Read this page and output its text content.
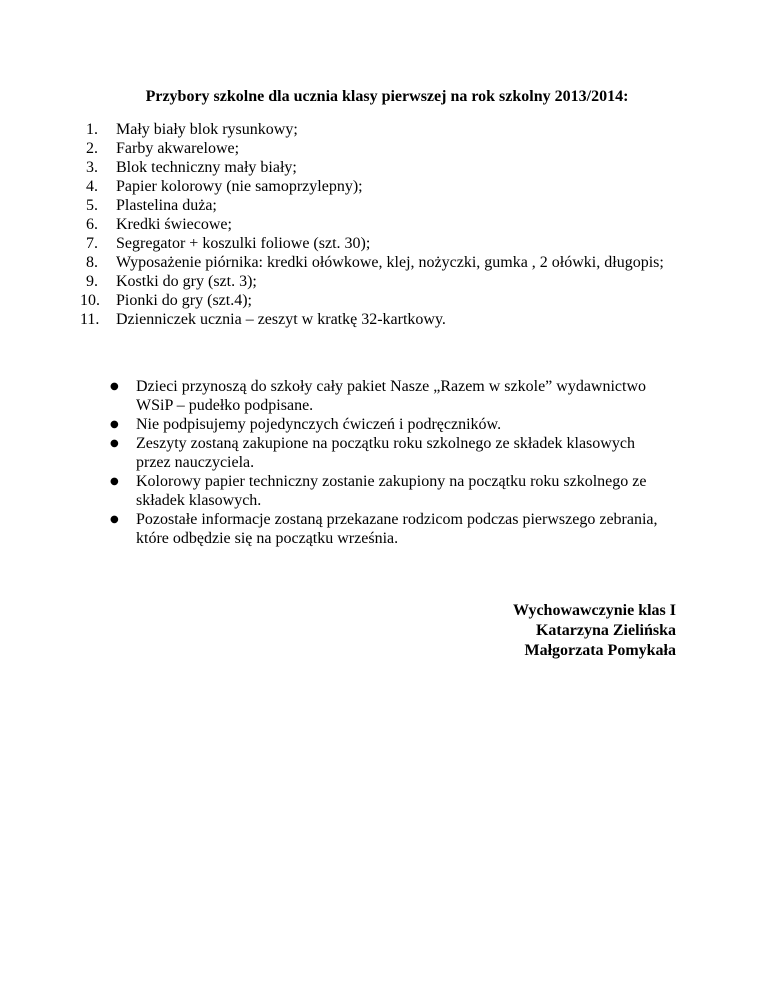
Przybory szkolne dla ucznia klasy pierwszej na rok szkolny 2013/2014:
1.	Mały biały blok rysunkowy;
2.	Farby akwarelowe;
3.	Blok techniczny mały biały;
4.	Papier kolorowy (nie samoprzylepny);
5.	Plastelina duża;
6.	Kredki świecowe;
7.	Segregator + koszulki foliowe (szt. 30);
8.	Wyposażenie piórnika: kredki ołówkowe, klej, nożyczki, gumka , 2 ołówki, długopis;
9.	Kostki do gry (szt. 3);
10.	Pionki do gry (szt.4);
11.	Dzienniczek ucznia – zeszyt w kratkę 32-kartkowy.
●	Dzieci przynoszą do szkoły cały pakiet Nasze „Razem w szkole” wydawnictwo WSiP – pudełko podpisane.
●	Nie podpisujemy pojedynczych ćwiczeń i podręczników.
●	Zeszyty zostaną zakupione na początku roku szkolnego ze składek klasowych przez nauczyciela.
●	Kolorowy papier techniczny zostanie zakupiony na początku roku szkolnego ze składek klasowych.
●	Pozostałe informacje zostaną przekazane rodzicom podczas pierwszego zebrania, które odbędzie się na początku września.
Wychowawczynie klas I
Katarzyna Zielińska
Małgorzata Pomykała
